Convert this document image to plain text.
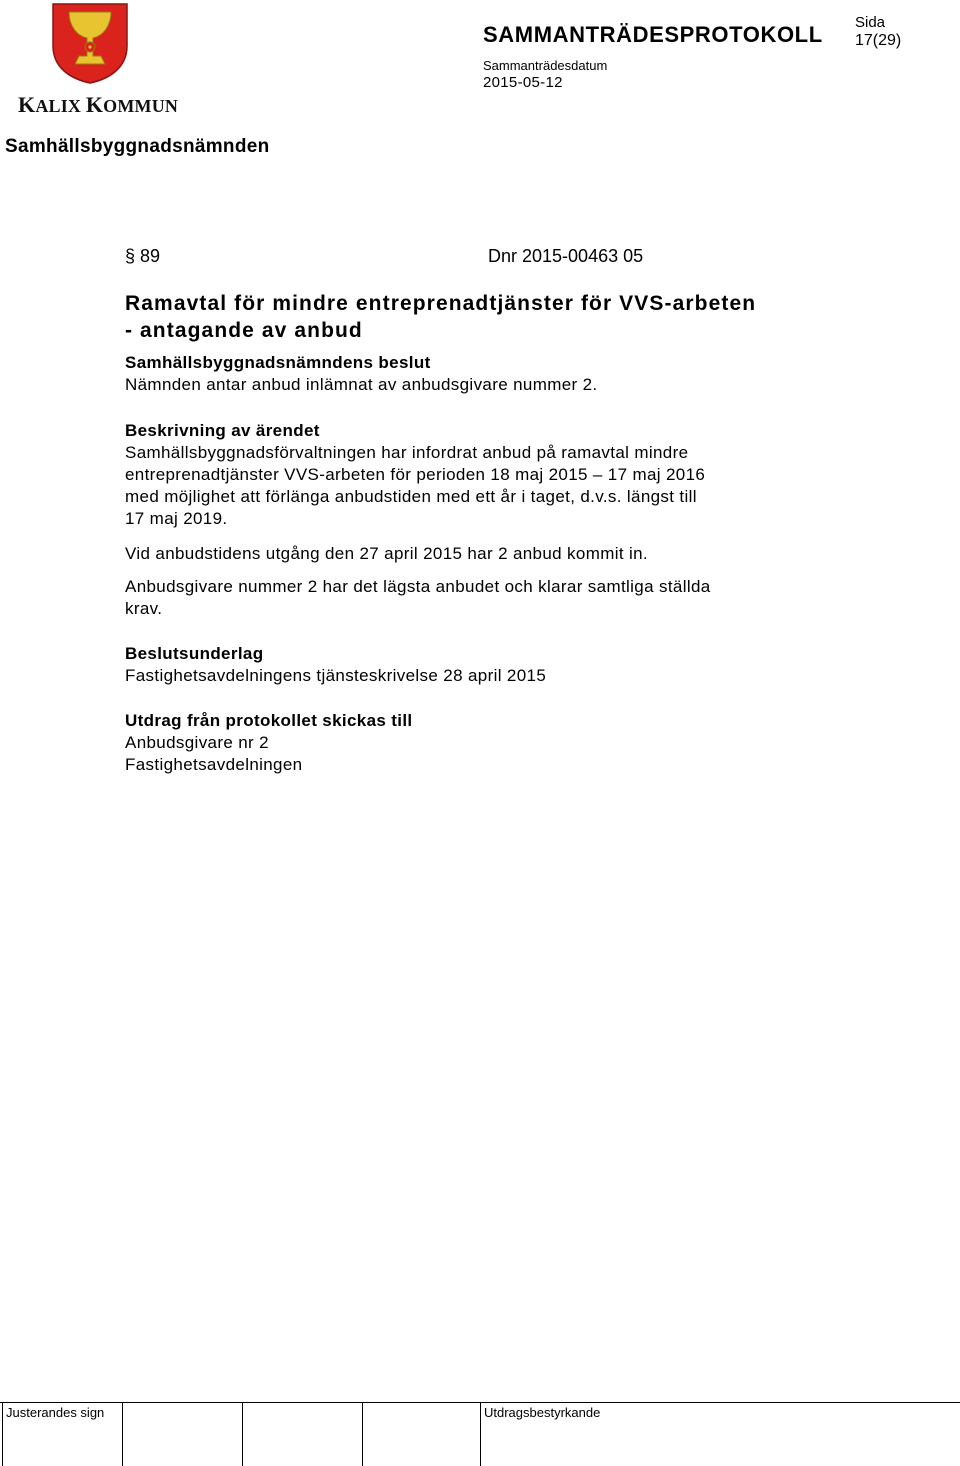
KALIX KOMMUN
SAMMANTRÄDESPROTOKOLL Sida
17(29)
Sammanträdesdatum
2015-05-12
Samhällsbyggnadsnämnden
§ 89	Dnr 2015-00463 05
Ramavtal för mindre entreprenadtjänster för VVS-arbeten
- antagande av anbud
Samhällsbyggnadsnämndens beslut
Nämnden antar anbud inlämnat av anbudsgivare nummer 2.
Beskrivning av ärendet
Samhällsbyggnadsförvaltningen har infordrat anbud på ramavtal mindre
entreprenadtjänster VVS-arbeten för perioden 18 maj 2015 – 17 maj 2016
med möjlighet att förlänga anbudstiden med ett år i taget, d.v.s. längst till
17 maj 2019.
Vid anbudstidens utgång den 27 april 2015 har 2 anbud kommit in.
Anbudsgivare nummer 2 har det lägsta anbudet och klarar samtliga ställda
krav.
Beslutsunderlag
Fastighetsavdelningens tjänsteskrivelse 28 april 2015
Utdrag från protokollet skickas till
Anbudsgivare nr 2
Fastighetsavdelningen
Justerandes sign	Utdragsbestyrkande
